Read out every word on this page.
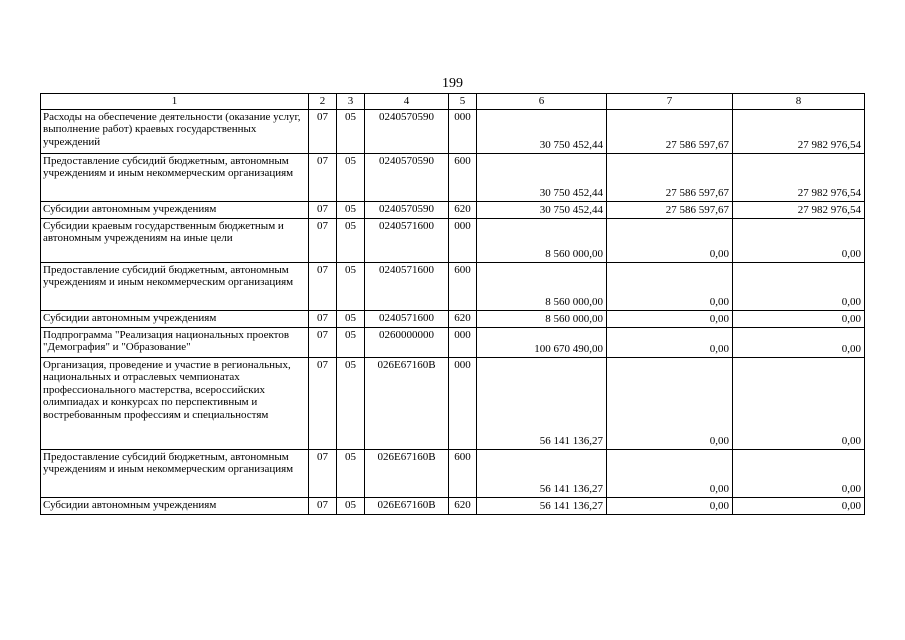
199
1	2	3	4	5	6	7	8
Расходы на обеспечение деятельности (оказание услуг, выполнение работ) краевых государственных учреждений	07	05	0240570590	000	30 750 452,44	27 586 597,67	27 982 976,54
Предоставление субсидий бюджетным, автономным учреждениям и иным некоммерческим организациям	07	05	0240570590	600	30 750 452,44	27 586 597,67	27 982 976,54
Субсидии автономным учреждениям	07	05	0240570590	620	30 750 452,44	27 586 597,67	27 982 976,54
Субсидии краевым государственным бюджетным и автономным учреждениям на иные цели	07	05	0240571600	000	8 560 000,00	0,00	0,00
Предоставление субсидий бюджетным, автономным учреждениям и иным некоммерческим организациям	07	05	0240571600	600	8 560 000,00	0,00	0,00
Субсидии автономным учреждениям	07	05	0240571600	620	8 560 000,00	0,00	0,00
Подпрограмма "Реализация национальных проектов "Демография" и "Образование"	07	05	0260000000	000	100 670 490,00	0,00	0,00
Организация, проведение и участие в региональных, национальных и отраслевых чемпионатах профессионального мастерства, всероссийских олимпиадах и конкурсах по перспективным и востребованным профессиям и специальностям	07	05	026E67160B	000	56 141 136,27	0,00	0,00
Предоставление субсидий бюджетным, автономным учреждениям и иным некоммерческим организациям	07	05	026E67160B	600	56 141 136,27	0,00	0,00
Субсидии автономным учреждениям	07	05	026E67160B	620	56 141 136,27	0,00	0,00
